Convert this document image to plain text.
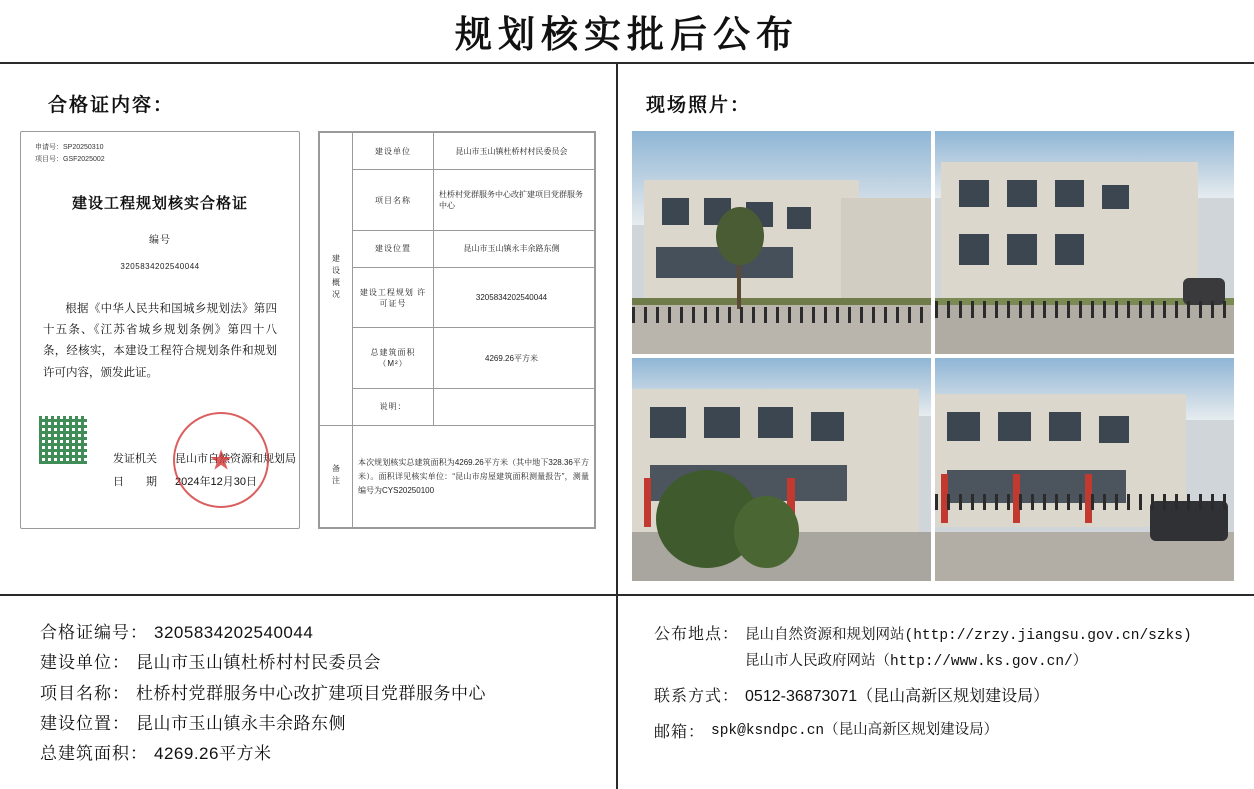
规划核实批后公布
合格证内容：
申请号：SP20250310
项目号：GSF2025002
建设工程规划核实合格证
编号
3205834202540044
根据《中华人民共和国城乡规划法》第四十五条、《江苏省城乡规划条例》第四十八条，经核实，本建设工程符合规划条件和规划许可内容，颁发此证。
发证机关	昆山市自然资源和规划局
日　　期	2024年12月30日
★
建设概况	建设单位	昆山市玉山镇杜桥村村民委员会
	项目名称	杜桥村党群服务中心改扩建项目党群服务中心
	建设位置	昆山市玉山镇永丰余路东侧
	建设工程规划 许可证号	3205834202540044
	总建筑面积（M²）	4269.26平方米
	说明：	
备注	本次规划核实总建筑面积为4269.26平方米（其中地下328.36平方米）。面积详见核实单位：“昆山市房屋建筑面积测量报告”，测量编号为CYS20250100	
现场照片：
合格证编号： 3205834202540044
建设单位： 昆山市玉山镇杜桥村村民委员会
项目名称： 杜桥村党群服务中心改扩建项目党群服务中心
建设位置： 昆山市玉山镇永丰余路东侧
总建筑面积： 4269.26平方米
公布地点： 昆山自然资源和规划网站(http://zrzy.jiangsu.gov.cn/szks)
昆山市人民政府网站（http://www.ks.gov.cn/）
联系方式： 0512-36873071（昆山高新区规划建设局）
邮箱： spk@ksndpc.cn（昆山高新区规划建设局）
